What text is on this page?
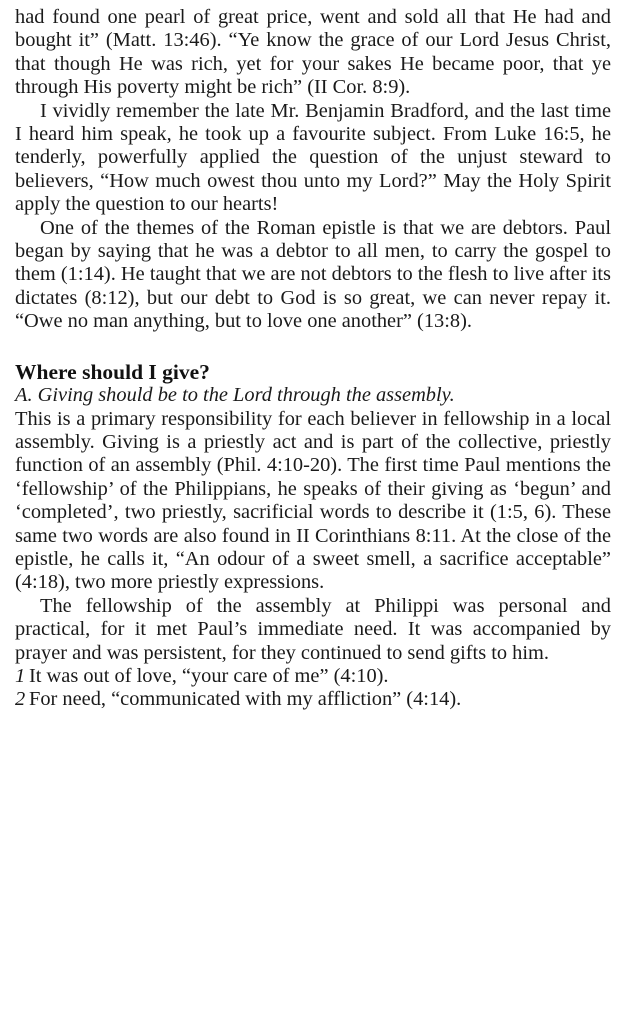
had found one pearl of great price, went and sold all that He had and bought it” (Matt. 13:46). “Ye know the grace of our Lord Jesus Christ, that though He was rich, yet for your sakes He became poor, that ye through His poverty might be rich” (II Cor. 8:9).

I vividly remember the late Mr. Benjamin Bradford, and the last time I heard him speak, he took up a favourite subject. From Luke 16:5, he tenderly, powerfully applied the question of the unjust steward to believers, “How much owest thou unto my Lord?” May the Holy Spirit apply the question to our hearts!

One of the themes of the Roman epistle is that we are debtors. Paul began by saying that he was a debtor to all men, to carry the gospel to them (1:14). He taught that we are not debtors to the flesh to live after its dictates (8:12), but our debt to God is so great, we can never repay it. “Owe no man anything, but to love one another” (13:8).

Where should I give?

A. Giving should be to the Lord through the assembly.

This is a primary responsibility for each believer in fellowship in a local assembly. Giving is a priestly act and is part of the collective, priestly function of an assembly (Phil. 4:10-20). The first time Paul mentions the ‘fellowship’ of the Philippians, he speaks of their giving as ‘begun’ and ‘completed’, two priestly, sacrificial words to describe it (1:5, 6). These same two words are also found in II Corinthians 8:11. At the close of the epistle, he calls it, “An odour of a sweet smell, a sacrifice acceptable” (4:18), two more priestly expressions.

The fellowship of the assembly at Philippi was personal and practical, for it met Paul’s immediate need. It was accompanied by prayer and was persistent, for they continued to send gifts to him.

1 It was out of love, “your care of me” (4:10).
2 For need, “communicated with my affliction” (4:14).
